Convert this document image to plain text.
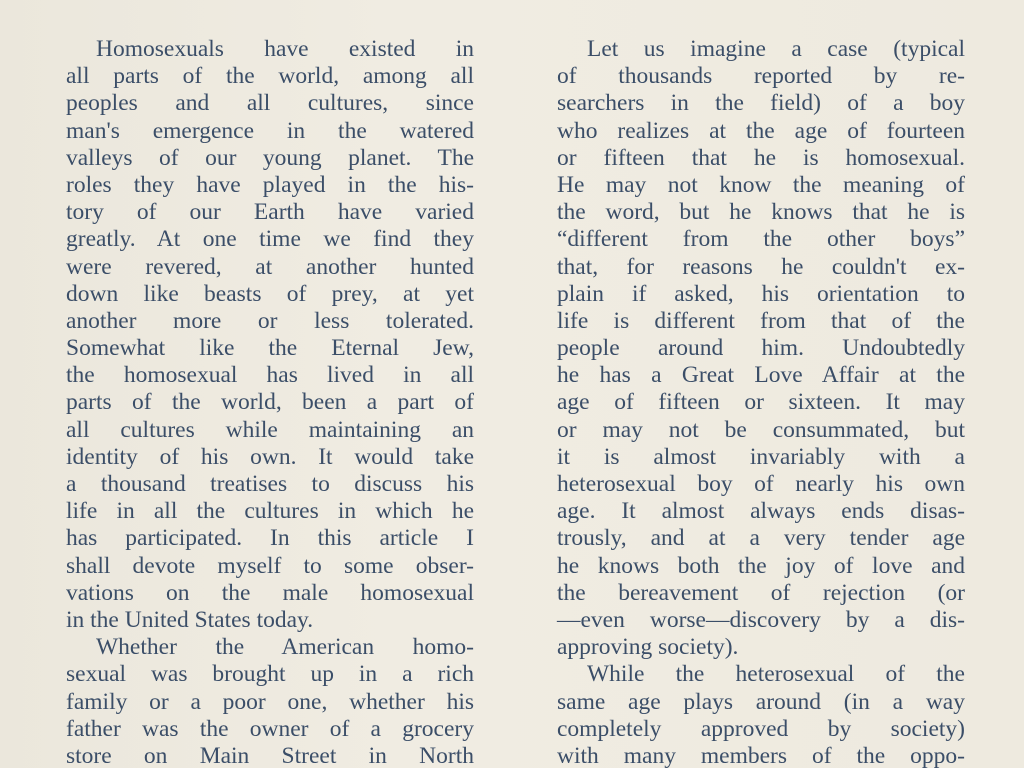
Homosexuals have existed in
all parts of the world, among all
peoples and all cultures, since
man's emergence in the watered
valleys of our young planet. The
roles they have played in the his-
tory of our Earth have varied
greatly. At one time we find they
were revered, at another hunted
down like beasts of prey, at yet
another more or less tolerated.
Somewhat like the Eternal Jew,
the homosexual has lived in all
parts of the world, been a part of
all cultures while maintaining an
identity of his own. It would take
a thousand treatises to discuss his
life in all the cultures in which he
has participated. In this article I
shall devote myself to some obser-
vations on the male homosexual
in the United States today.
Whether the American homo-
sexual was brought up in a rich
family or a poor one, whether his
father was the owner of a grocery
store on Main Street in North
Let us imagine a case (typical
of thousands reported by re-
searchers in the field) of a boy
who realizes at the age of fourteen
or fifteen that he is homosexual.
He may not know the meaning of
the word, but he knows that he is
“different from the other boys”
that, for reasons he couldn't ex-
plain if asked, his orientation to
life is different from that of the
people around him. Undoubtedly
he has a Great Love Affair at the
age of fifteen or sixteen. It may
or may not be consummated, but
it is almost invariably with a
heterosexual boy of nearly his own
age. It almost always ends disas-
trously, and at a very tender age
he knows both the joy of love and
the bereavement of rejection (or
—even worse—discovery by a dis-
approving society).
While the heterosexual of the
same age plays around (in a way
completely approved by society)
with many members of the oppo-
